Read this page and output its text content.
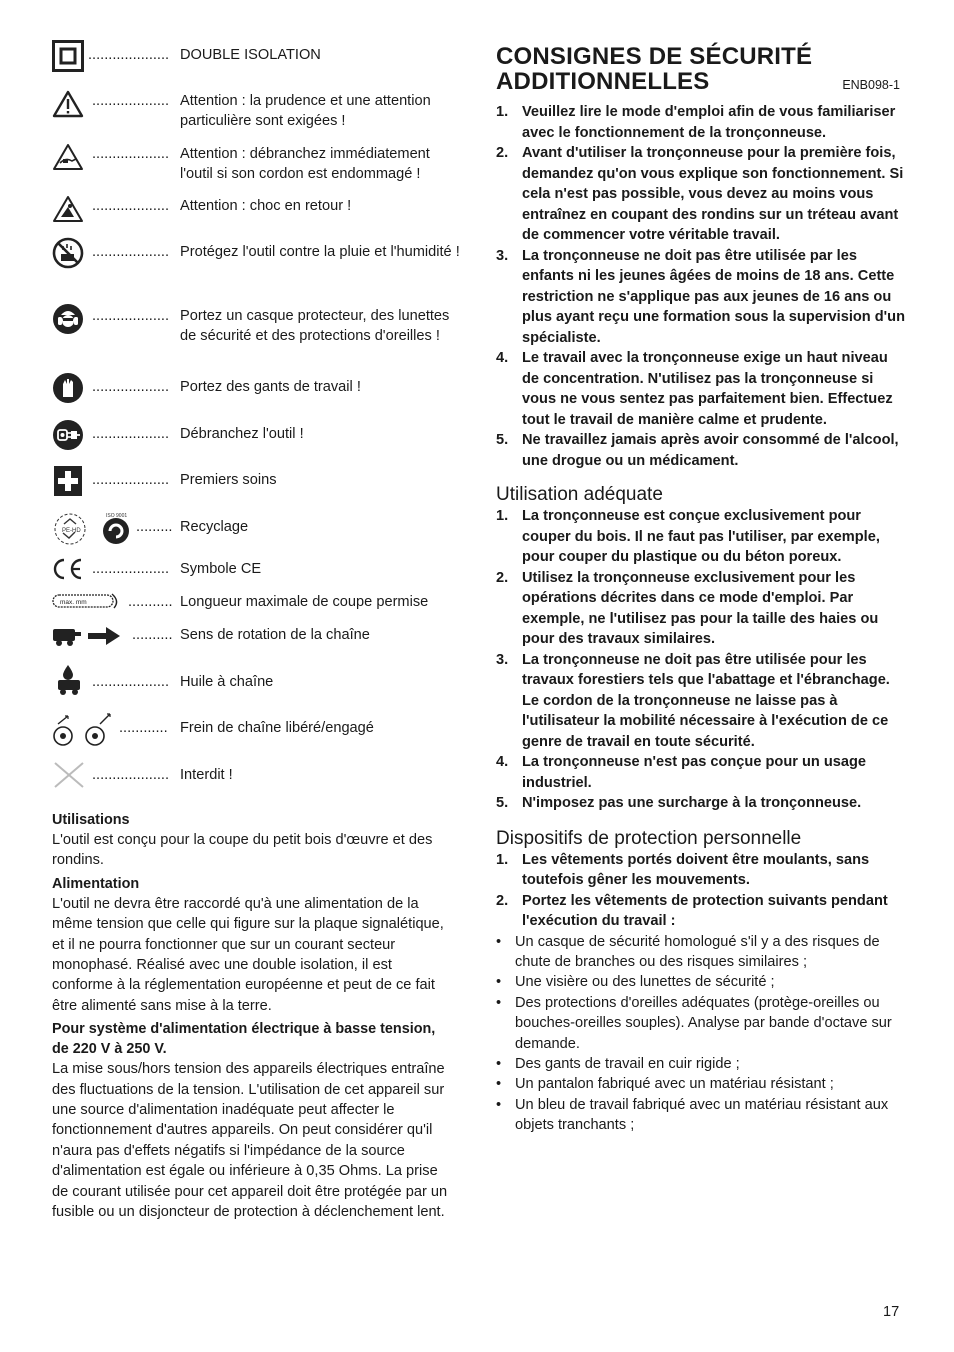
.................... DOUBLE ISOLATION
................... Attention : la prudence et une attention particulière sont exigées !
................... Attention : débranchez immédiatement l'outil si son cordon est endommagé !
................... Attention : choc en retour !
................... Protégez l'outil contre la pluie et l'humidité !
................... Portez un casque protecteur, des lunettes de sécurité et des protections d'oreilles !
................... Portez des gants de travail !
................... Débranchez l'outil !
................... Premiers soins
PE-HD
ISO 9001
......... Recyclage
................... Symbole CE
max. mm	........... Longueur maximale de coupe permise
.......... Sens de rotation de la chaîne
................... Huile à chaîne
............ Frein de chaîne libéré/engagé
................... Interdit !

Utilisations

L'outil est conçu pour la coupe du petit bois d'œuvre et des rondins.

Alimentation

L'outil ne devra être raccordé qu'à une alimentation de la même tension que celle qui figure sur la plaque signalétique, et il ne pourra fonctionner que sur un courant secteur monophasé. Réalisé avec une double isolation, il est conforme à la réglementation européenne et peut de ce fait être alimenté sans mise à la terre.

Pour système d'alimentation électrique à basse tension, de 220 V à 250 V.

La mise sous/hors tension des appareils électriques entraîne des fluctuations de la tension. L'utilisation de cet appareil sur une source d'alimentation inadéquate peut affecter le fonctionnement d'autres appareils. On peut considérer qu'il n'aura pas d'effets négatifs si l'impédance de la source d'alimentation est égale ou inférieure à 0,35 Ohms. La prise de courant utilisée pour cet appareil doit être protégée par un fusible ou un disjoncteur de protection à déclenchement lent.

CONSIGNES DE SÉCURITÉ

ADDITIONNELLES	ENB098-1
1. Veuillez lire le mode d'emploi afin de vous familiariser avec le fonctionnement de la tronçonneuse.
2. Avant d'utiliser la tronçonneuse pour la première fois, demandez qu'on vous explique son fonctionnement. Si cela n'est pas possible, vous devez au moins vous entraînez en coupant des rondins sur un tréteau avant de commencer votre véritable travail.
3. La tronçonneuse ne doit pas être utilisée par les enfants ni les jeunes âgées de moins de 18 ans. Cette restriction ne s'applique pas aux jeunes de 16 ans ou plus ayant reçu une formation sous la supervision d'un spécialiste.
4. Le travail avec la tronçonneuse exige un haut niveau de concentration. N'utilisez pas la tronçonneuse si vous ne vous sentez pas parfaitement bien. Effectuez tout le travail de manière calme et prudente.
5. Ne travaillez jamais après avoir consommé de l'alcool, une drogue ou un médicament.

Utilisation adéquate

1. La tronçonneuse est conçue exclusivement pour couper du bois. Il ne faut pas l'utiliser, par exemple, pour couper du plastique ou du béton poreux.
2. Utilisez la tronçonneuse exclusivement pour les opérations décrites dans ce mode d'emploi. Par exemple, ne l'utilisez pas pour la taille des haies ou pour des travaux similaires.
3. La tronçonneuse ne doit pas être utilisée pour les travaux forestiers tels que l'abattage et l'ébranchage. Le cordon de la tronçonneuse ne laisse pas à l'utilisateur la mobilité nécessaire à l'exécution de ce genre de travail en toute sécurité.
4. La tronçonneuse n'est pas conçue pour un usage industriel.
5. N'imposez pas une surcharge à la tronçonneuse.

Dispositifs de protection personnelle

1. Les vêtements portés doivent être moulants, sans toutefois gêner les mouvements.
2. Portez les vêtements de protection suivants pendant l'exécution du travail :
• Un casque de sécurité homologué s'il y a des risques de chute de branches ou des risques similaires ;
• Une visière ou des lunettes de sécurité ;
• Des protections d'oreilles adéquates (protège-oreilles ou bouches-oreilles souples). Analyse par bande d'octave sur demande.
• Des gants de travail en cuir rigide ;
• Un pantalon fabriqué avec un matériau résistant ;
• Un bleu de travail fabriqué avec un matériau résistant aux objets tranchants ;
17
